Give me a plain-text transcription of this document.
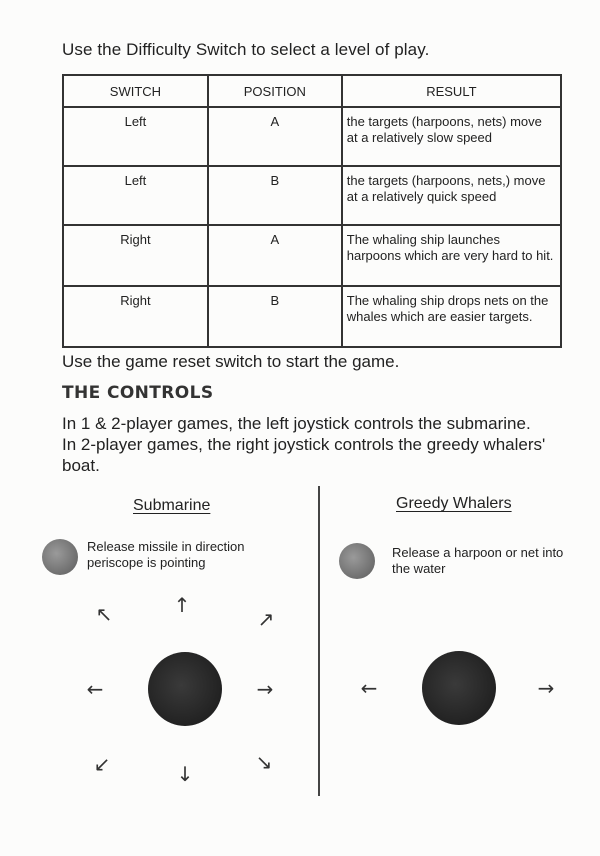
Use the Difficulty Switch to select a level of play.
SWITCH	POSITION	RESULT
Left	A	the targets (harpoons, nets) move at a relatively slow speed
Left	B	the targets (harpoons, nets,) move at a relatively quick speed
Right	A	The whaling ship launches harpoons which are very hard to hit.
Right	B	The whaling ship drops nets on the whales which are easier targets.
Use the game reset switch to start the game.
THE CONTROLS

In 1 & 2-player games, the left joystick controls the submarine.

In 2-player games, the right joystick controls the greedy whalers' boat.

Submarine
Release missile in direction periscope is pointing
↑
↖	↗
←	→
↙	↓	↘
Greedy Whalers
Release a harpoon or net into the water
←	→
